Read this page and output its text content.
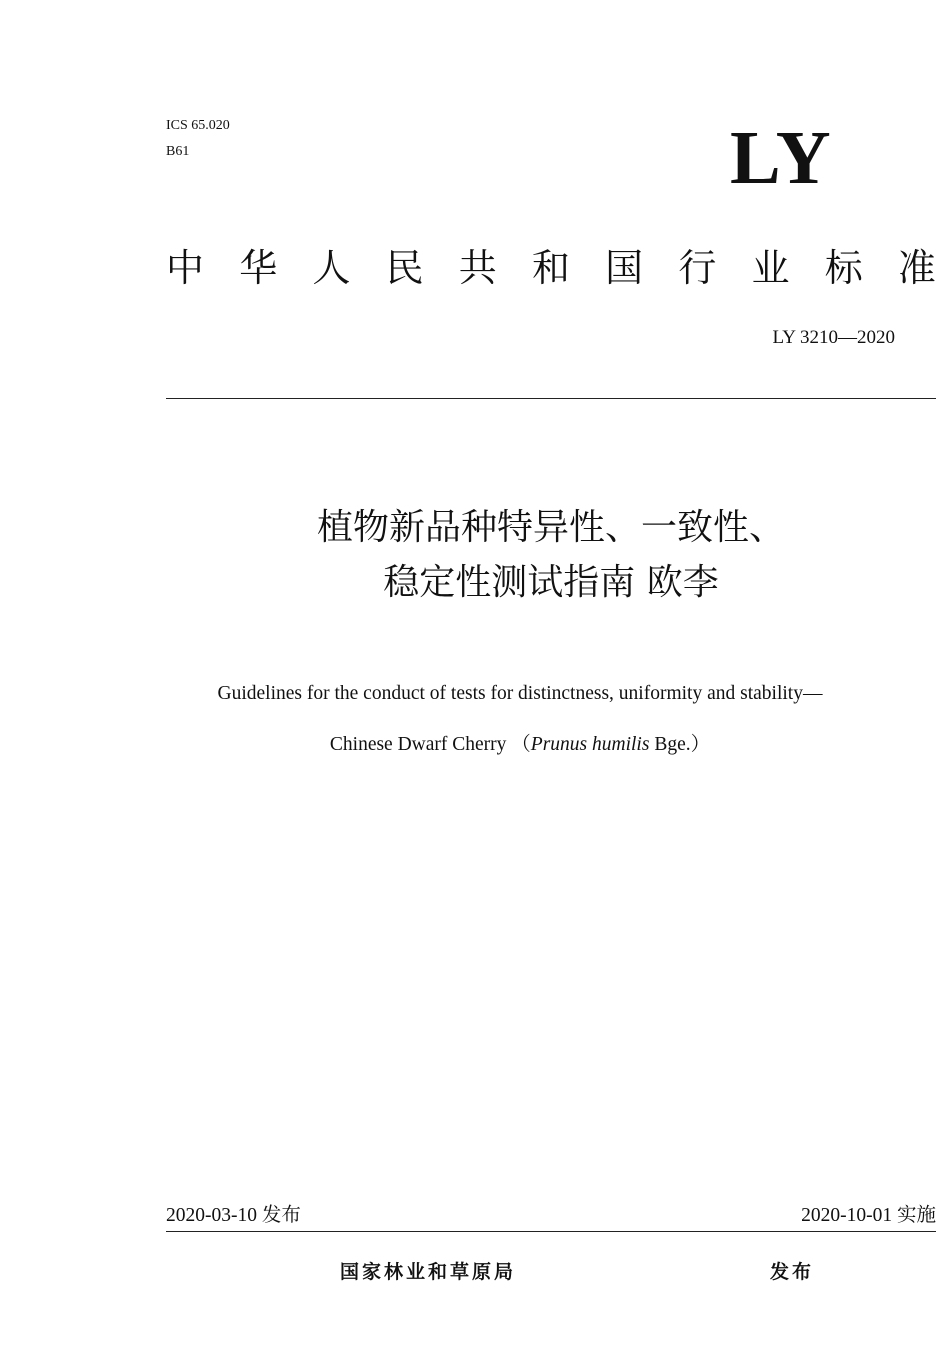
ICS 65.020
B61	LY
中 华 人 民 共 和 国 行 业 标 准
LY 3210—2020
植物新品种特异性、一致性、
稳定性测试指南 欧李
Guidelines for the conduct of tests for distinctness, uniformity and stability—
Chinese Dwarf Cherry （Prunus humilis Bge.）
2020-03-10 发布	2020-10-01 实施
国家林业和草原局	发布
